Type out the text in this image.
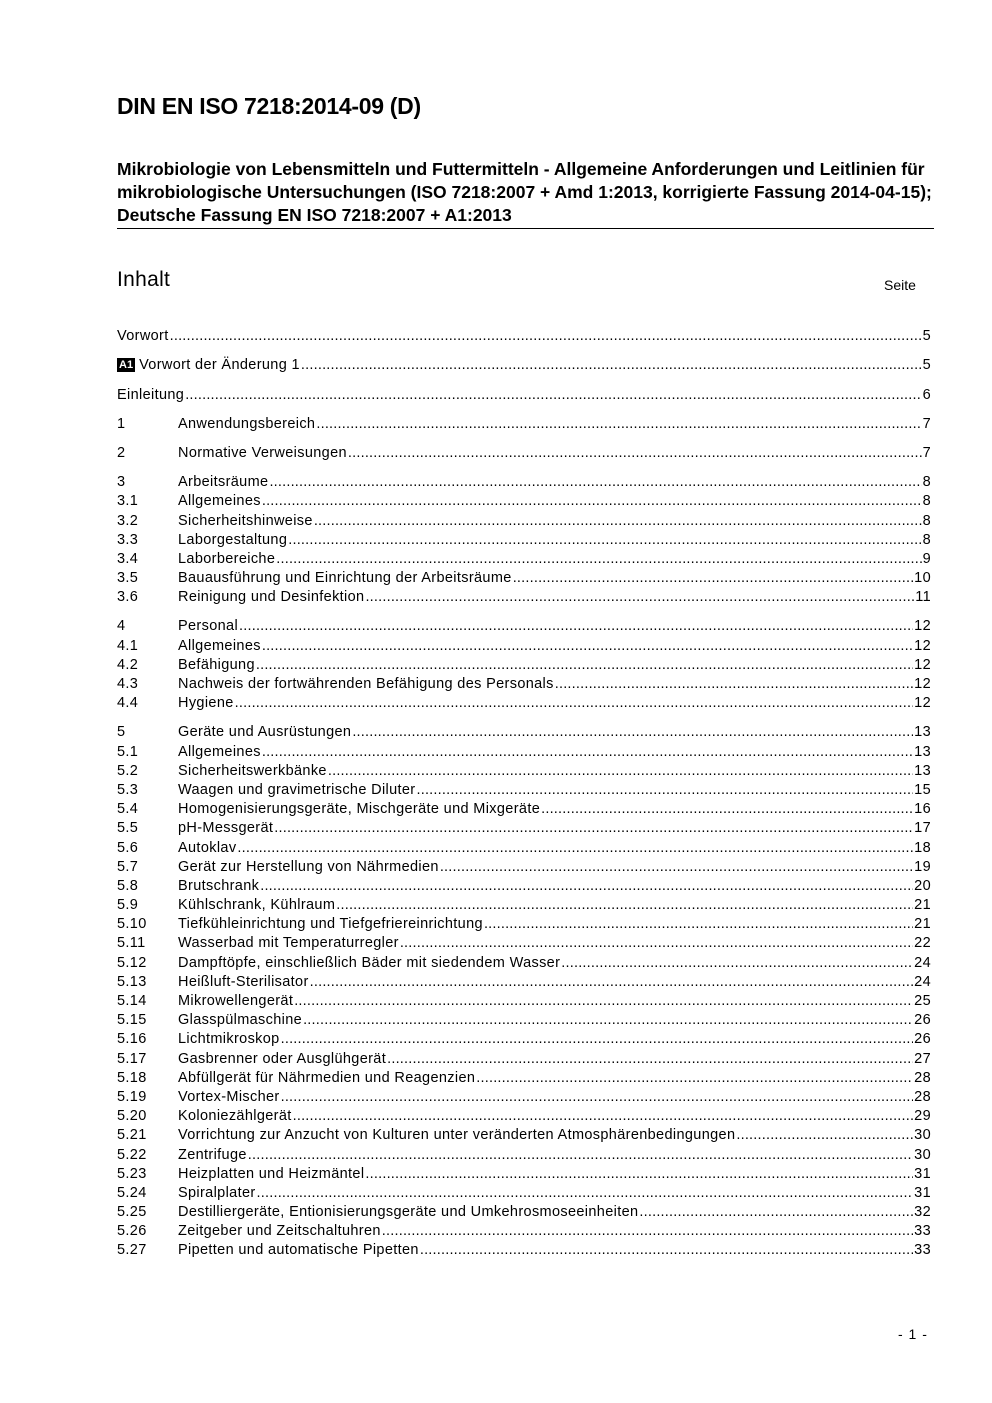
DIN EN ISO 7218:2014-09 (D)
Mikrobiologie von Lebensmitteln und Futtermitteln - Allgemeine Anforderungen und Leitlinien für mikrobiologische Untersuchungen (ISO 7218:2007 + Amd 1:2013, korrigierte Fassung 2014-04-15); Deutsche Fassung EN ISO 7218:2007 + A1:2013
Inhalt	Seite
Vorwort .....	5
A1 Vorwort der Änderung 1 .....	5
Einleitung .....	6
1	Anwendungsbereich .....	7
2	Normative Verweisungen .....	7
3	Arbeitsräume .....	8
3.1	Allgemeines .....	8
3.2	Sicherheitshinweise .....	8
3.3	Laborgestaltung .....	8
3.4	Laborbereiche .....	9
3.5	Bauausführung und Einrichtung der Arbeitsräume .....	10
3.6	Reinigung und Desinfektion .....	11
4	Personal .....	12
4.1	Allgemeines .....	12
4.2	Befähigung .....	12
4.3	Nachweis der fortwährenden Befähigung des Personals .....	12
4.4	Hygiene .....	12
5	Geräte und Ausrüstungen .....	13
5.1	Allgemeines .....	13
5.2	Sicherheitswerkbänke .....	13
5.3	Waagen und gravimetrische Diluter .....	15
5.4	Homogenisierungsgeräte, Mischgeräte und Mixgeräte .....	16
5.5	pH-Messgerät .....	17
5.6	Autoklav .....	18
5.7	Gerät zur Herstellung von Nährmedien .....	19
5.8	Brutschrank .....	20
5.9	Kühlschrank, Kühlraum .....	21
5.10	Tiefkühleinrichtung und Tiefgefriereinrichtung .....	21
5.11	Wasserbad mit Temperaturregler .....	22
5.12	Dampftöpfe, einschließlich Bäder mit siedendem Wasser .....	24
5.13	Heißluft-Sterilisator .....	24
5.14	Mikrowellengerät .....	25
5.15	Glasspülmaschine .....	26
5.16	Lichtmikroskop .....	26
5.17	Gasbrenner oder Ausglühgerät .....	27
5.18	Abfüllgerät für Nährmedien und Reagenzien .....	28
5.19	Vortex-Mischer .....	28
5.20	Koloniezählgerät .....	29
5.21	Vorrichtung zur Anzucht von Kulturen unter veränderten Atmosphärenbedingungen .....	30
5.22	Zentrifuge .....	30
5.23	Heizplatten und Heizmäntel .....	31
5.24	Spiralplater .....	31
5.25	Destilliergeräte, Entionisierungsgeräte und Umkehrosmoseeinheiten .....	32
5.26	Zeitgeber und Zeitschaltuhren .....	33
5.27	Pipetten und automatische Pipetten .....	33
- 1 -
